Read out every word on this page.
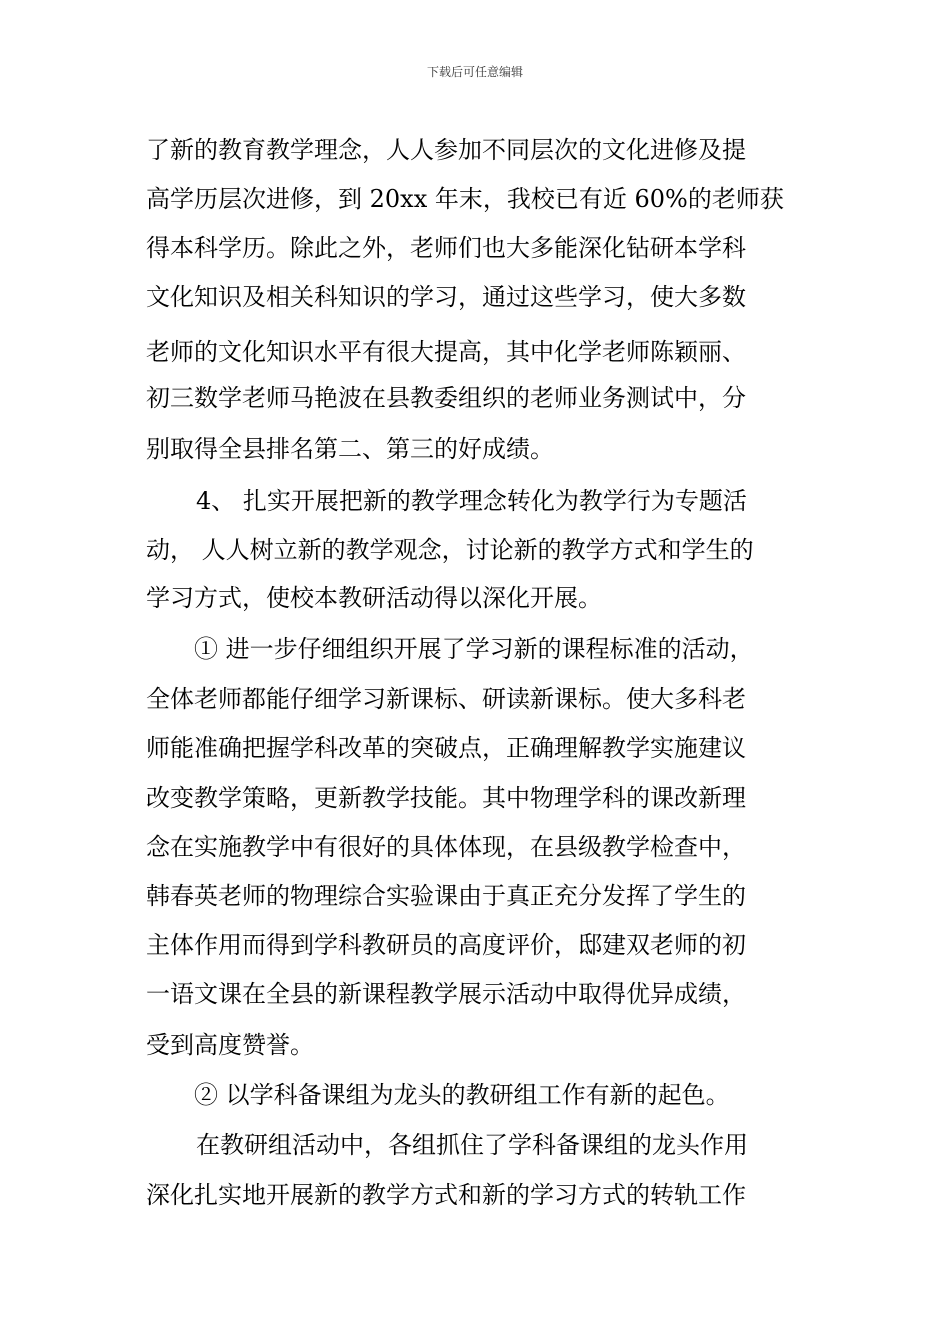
下载后可任意编辑
了新的教育教学理念，人人参加不同层次的文化进修及提
高学历层次进修，到 20xx 年末，我校已有近 60%的老师获
得本科学历。除此之外，老师们也大多能深化钻研本学科
文化知识及相关科知识的学习，通过这些学习，使大多数
老师的文化知识水平有很大提高，其中化学老师陈颖丽、
初三数学老师马艳波在县教委组织的老师业务测试中，分
别取得全县排名第二、第三的好成绩。
4、 扎实开展把新的教学理念转化为教学行为专题活
动， 人人树立新的教学观念，讨论新的教学方式和学生的
学习方式，使校本教研活动得以深化开展。
① 进一步仔细组织开展了学习新的课程标准的活动，
全体老师都能仔细学习新课标、研读新课标。使大多科老
师能准确把握学科改革的突破点，正确理解教学实施建议
改变教学策略，更新教学技能。其中物理学科的课改新理
念在实施教学中有很好的具体体现，在县级教学检查中，
韩春英老师的物理综合实验课由于真正充分发挥了学生的
主体作用而得到学科教研员的高度评价，邸建双老师的初
一语文课在全县的新课程教学展示活动中取得优异成绩，
受到高度赞誉。
② 以学科备课组为龙头的教研组工作有新的起色。
在教研组活动中，各组抓住了学科备课组的龙头作用
深化扎实地开展新的教学方式和新的学习方式的转轨工作
